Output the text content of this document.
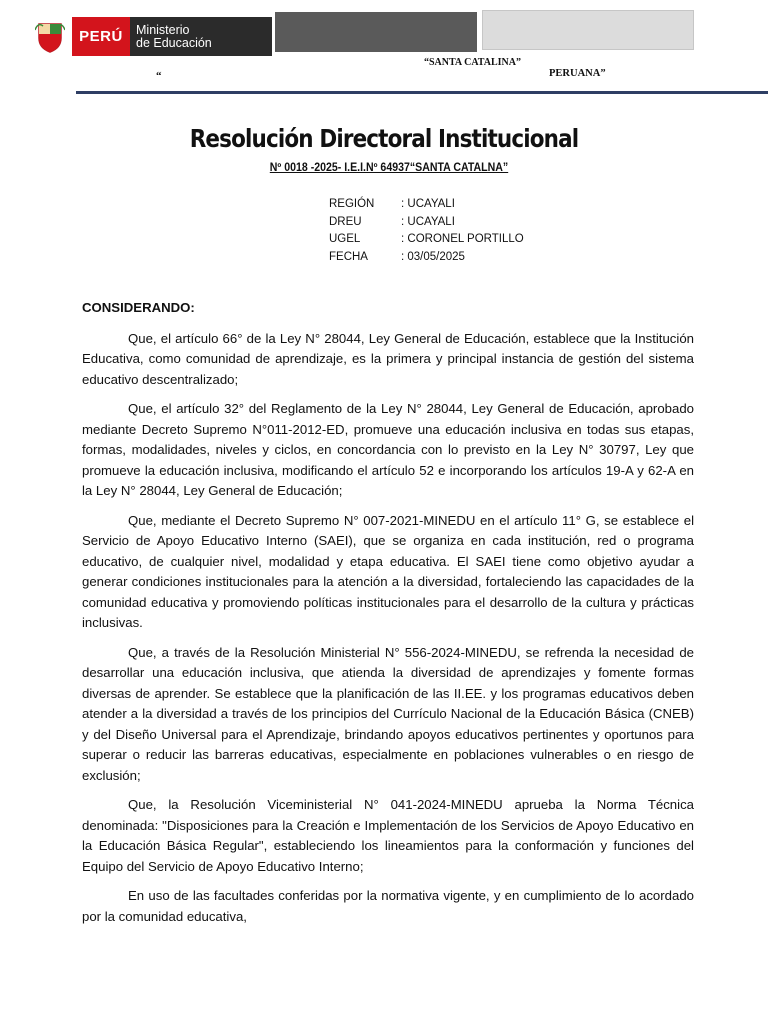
PERÚ	Ministerio
de Educación
“
“SANTA CATALINA”
PERUANA”
Resolución Directoral Institucional
Nº 0018 -2025- I.E.I.Nº 64937“SANTA CATALNA”
REGIÓN	: UCAYALI
DREU	: UCAYALI
UGEL	: CORONEL PORTILLO
FECHA	: 03/05/2025

CONSIDERANDO:

Que, el artículo 66° de la Ley N° 28044, Ley General de Educación, establece que la Institución Educativa, como comunidad de aprendizaje, es la primera y principal instancia de gestión del sistema educativo descentralizado;

Que, el artículo 32° del Reglamento de la Ley N° 28044, Ley General de Educación, aprobado mediante Decreto Supremo N°011-2012-ED, promueve una educación inclusiva en todas sus etapas, formas, modalidades, niveles y ciclos, en concordancia con lo previsto en la Ley N° 30797, Ley que promueve la educación inclusiva, modificando el artículo 52 e incorporando los artículos 19-A y 62-A en la Ley N° 28044, Ley General de Educación;

Que, mediante el Decreto Supremo N° 007-2021-MINEDU en el artículo 11° G, se establece el Servicio de Apoyo Educativo Interno (SAEI), que se organiza en cada institución, red o programa educativo, de cualquier nivel, modalidad y etapa educativa. El SAEI tiene como objetivo ayudar a generar condiciones institucionales para la atención a la diversidad, fortaleciendo las capacidades de la comunidad educativa y promoviendo políticas institucionales para el desarrollo de la cultura y prácticas inclusivas.

Que, a través de la Resolución Ministerial N° 556-2024-MINEDU, se refrenda la necesidad de desarrollar una educación inclusiva, que atienda la diversidad de aprendizajes y fomente formas diversas de aprender. Se establece que la planificación de las II.EE. y los programas educativos deben atender a la diversidad a través de los principios del Currículo Nacional de la Educación Básica (CNEB) y del Diseño Universal para el Aprendizaje, brindando apoyos educativos pertinentes y oportunos para superar o reducir las barreras educativas, especialmente en poblaciones vulnerables o en riesgo de exclusión;

Que, la Resolución Viceministerial N° 041-2024-MINEDU aprueba la Norma Técnica denominada: "Disposiciones para la Creación e Implementación de los Servicios de Apoyo Educativo en la Educación Básica Regular", estableciendo los lineamientos para la conformación y funciones del Equipo del Servicio de Apoyo Educativo Interno;

En uso de las facultades conferidas por la normativa vigente, y en cumplimiento de lo acordado por la comunidad educativa,
